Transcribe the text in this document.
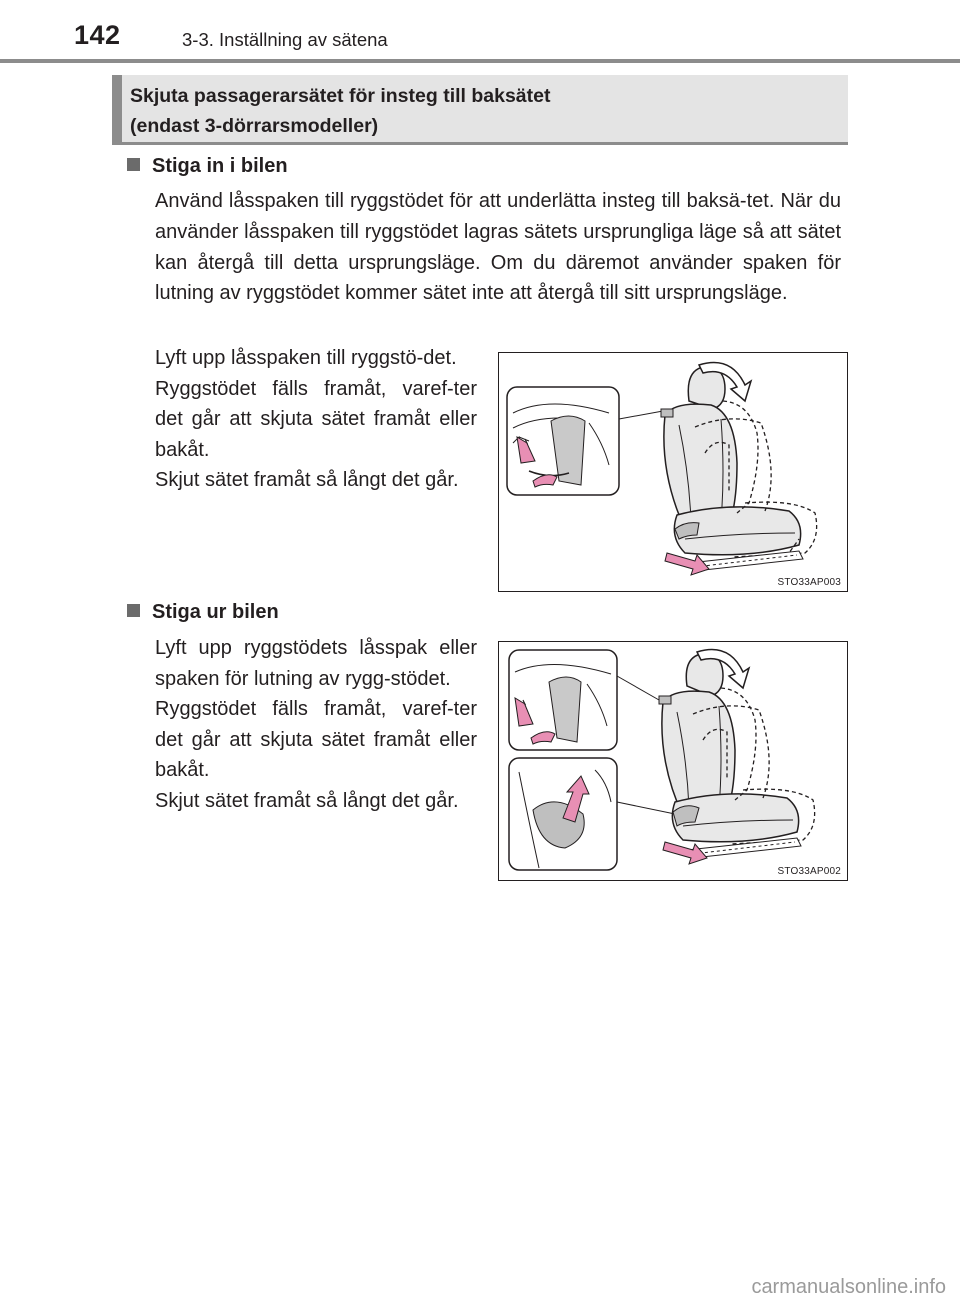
142	3-3. Inställning av sätena
Skjuta passagerarsätet för insteg till baksätet
(endast 3-dörrarsmodeller)
Stiga in i bilen
Använd låsspaken till ryggstödet för att underlätta insteg till baksä-tet. När du använder låsspaken till ryggstödet lagras sätets ursprungliga läge så att sätet kan återgå till detta ursprungsläge. Om du däremot använder spaken för lutning av ryggstödet kommer sätet inte att återgå till sitt ursprungsläge.

Lyft upp låsspaken till ryggstö-det.

Ryggstödet fälls framåt, varef-ter det går att skjuta sätet framåt eller bakåt.

Skjut sätet framåt så långt det går.

STO33AP003
Stiga ur bilen

Lyft upp ryggstödets låsspak eller spaken för lutning av rygg-stödet.

Ryggstödet fälls framåt, varef-ter det går att skjuta sätet framåt eller bakåt.

Skjut sätet framåt så långt det går.

STO33AP002
carmanualsonline.info
